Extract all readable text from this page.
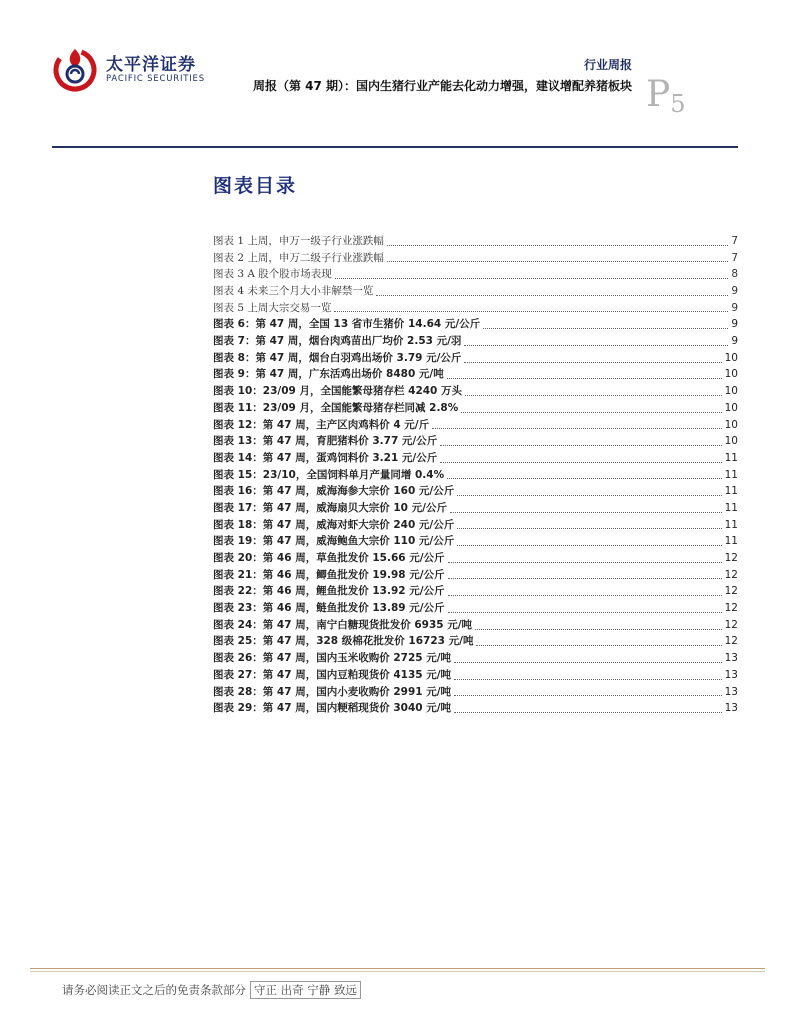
太平洋证券
PACIFIC SECURITIES
行业周报
周报（第 47 期）：国内生猪行业产能去化动力增强，建议增配养猪板块 $P_5$
图表目录
图表 1 上周，申万一级子行业涨跌幅	7
图表 2 上周，申万二级子行业涨跌幅	7
图表 3 A 股个股市场表现	8
图表 4 未来三个月大小非解禁一览	9
图表 5 上周大宗交易一览	9
图表 6：第 47 周，全国 13 省市生猪价 14.64 元/公斤	9
图表 7：第 47 周，烟台肉鸡苗出厂均价 2.53 元/羽	9
图表 8：第 47 周，烟台白羽鸡出场价 3.79 元/公斤	10
图表 9：第 47 周，广东活鸡出场价 8480 元/吨	10
图表 10：23/09 月，全国能繁母猪存栏 4240 万头	10
图表 11：23/09 月，全国能繁母猪存栏同减 2.8%	10
图表 12：第 47 周，主产区肉鸡料价 4 元/斤	10
图表 13：第 47 周，育肥猪料价 3.77 元/公斤	10
图表 14：第 47 周，蛋鸡饲料价 3.21 元/公斤	11
图表 15：23/10，全国饲料单月产量同增 0.4%	11
图表 16：第 47 周，威海海参大宗价 160 元/公斤	11
图表 17：第 47 周，威海扇贝大宗价 10 元/公斤	11
图表 18：第 47 周，威海对虾大宗价 240 元/公斤	11
图表 19：第 47 周，威海鲍鱼大宗价 110 元/公斤	11
图表 20：第 46 周，草鱼批发价 15.66 元/公斤	12
图表 21：第 46 周，鲫鱼批发价 19.98 元/公斤	12
图表 22：第 46 周，鲤鱼批发价 13.92 元/公斤	12
图表 23：第 46 周，鲢鱼批发价 13.89 元/公斤	12
图表 24：第 47 周，南宁白糖现货批发价 6935 元/吨	12
图表 25：第 47 周，328 级棉花批发价 16723 元/吨	12
图表 26：第 47 周，国内玉米收购价 2725 元/吨	13
图表 27：第 47 周，国内豆粕现货价 4135 元/吨	13
图表 28：第 47 周，国内小麦收购价 2991 元/吨	13
图表 29：第 47 周，国内粳稻现货价 3040 元/吨	13
请务必阅读正文之后的免责条款部分 守正 出奇 宁静 致远
